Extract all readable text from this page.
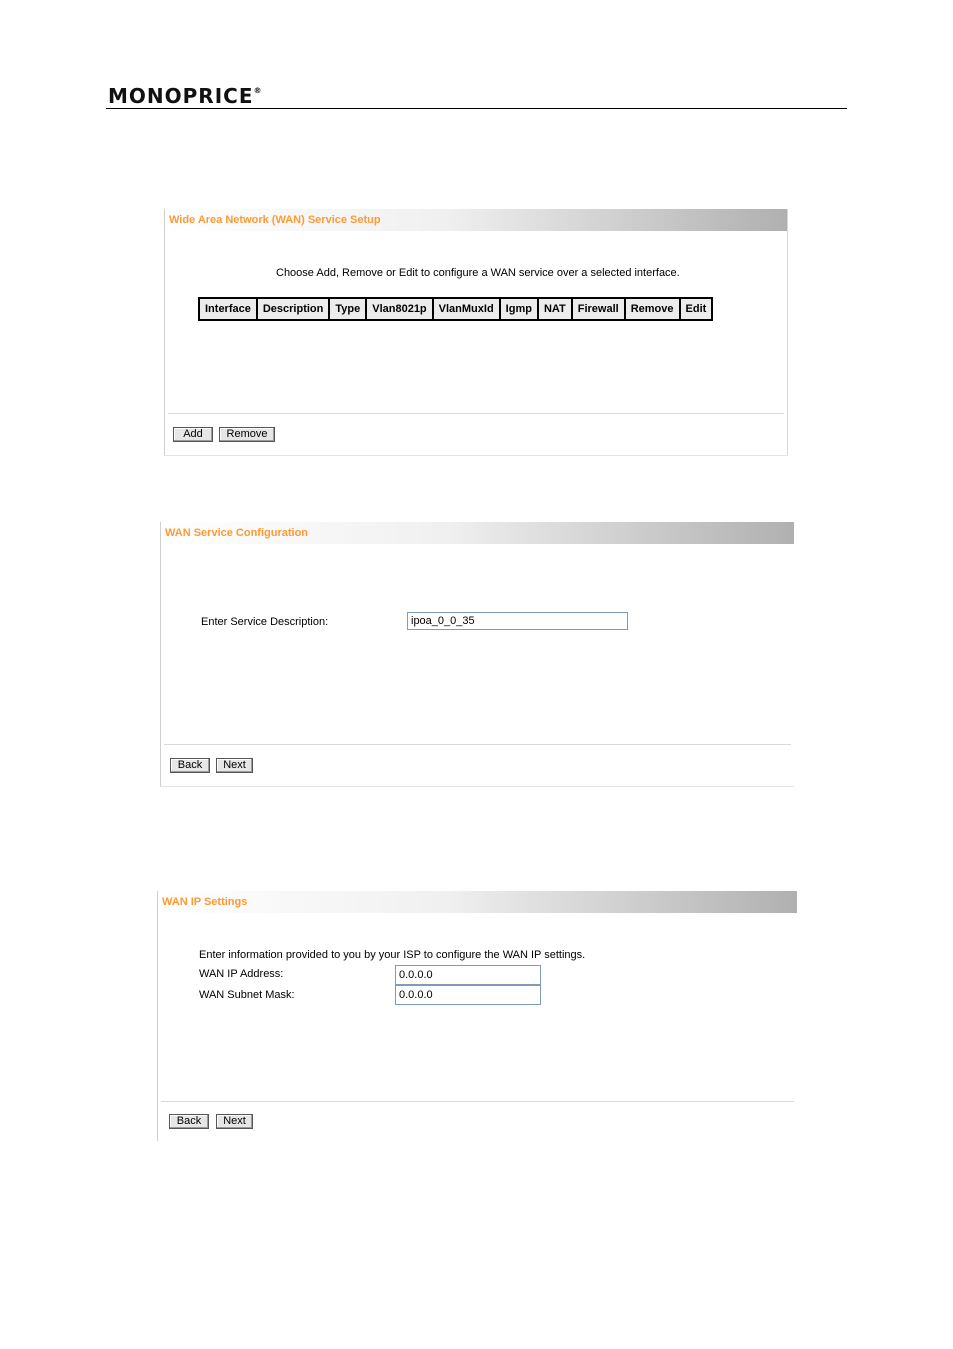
MONOPRICE®
Wide Area Network (WAN) Service Setup
Choose Add, Remove or Edit to configure a WAN service over a selected interface.
Interface	Description	Type	Vlan8021p	VlanMuxId	Igmp	NAT	Firewall	Remove	Edit
Add	Remove
WAN Service Configuration
Enter Service Description:	ipoa_0_0_35
Back	Next
WAN IP Settings
Enter information provided to you by your ISP to configure the WAN IP settings.
WAN IP Address:	0.0.0.0
WAN Subnet Mask:	0.0.0.0
Back	Next
